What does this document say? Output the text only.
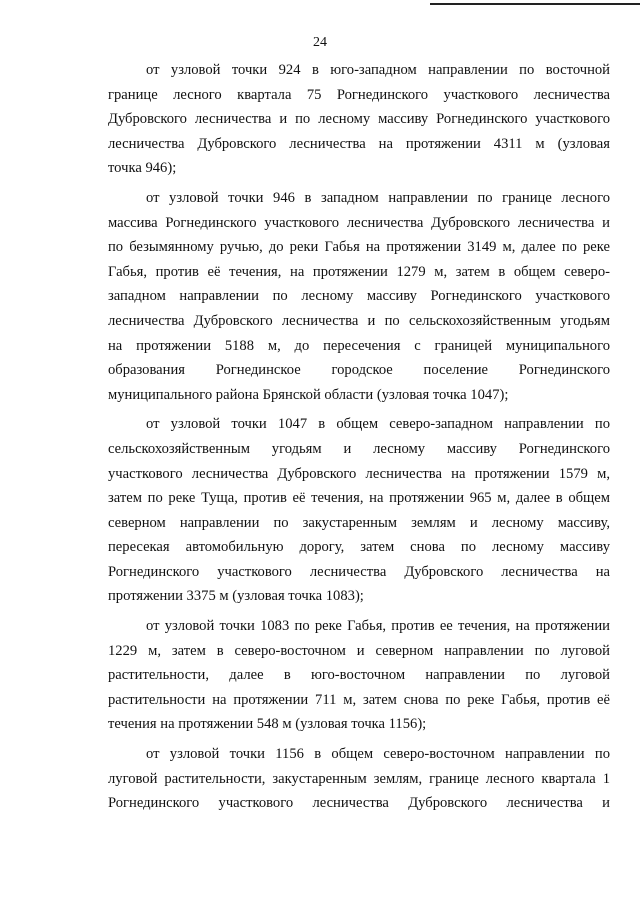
24
от узловой точки 924 в юго-западном направлении по восточной
границе лесного квартала 75 Рогнединского участкового лесничества
Дубровского лесничества и по лесному массиву Рогнединского участкового
лесничества Дубровского лесничества на протяжении 4311 м (узловая
точка 946);
от узловой точки 946 в западном направлении по границе лесного
массива Рогнединского участкового лесничества Дубровского лесничества и
по безымянному ручью, до реки Габья на протяжении 3149 м, далее по реке
Габья, против её течения, на протяжении 1279 м, затем в общем северо-
западном направлении по лесному массиву Рогнединского участкового
лесничества Дубровского лесничества и по сельскохозяйственным угодьям
на протяжении 5188 м, до пересечения с границей муниципального
образования Рогнединское городское поселение Рогнединского
муниципального района Брянской области (узловая точка 1047);
от узловой точки 1047 в общем северо-западном направлении по
сельскохозяйственным угодьям и лесному массиву Рогнединского
участкового лесничества Дубровского лесничества на протяжении 1579 м,
затем по реке Туща, против её течения, на протяжении 965 м, далее в общем
северном направлении по закустаренным землям и лесному массиву,
пересекая автомобильную дорогу, затем снова по лесному массиву
Рогнединского участкового лесничества Дубровского лесничества на
протяжении 3375 м (узловая точка 1083);
от узловой точки 1083 по реке Габья, против ее течения, на протяжении
1229 м, затем в северо-восточном и северном направлении по луговой
растительности, далее в юго-восточном направлении по луговой
растительности на протяжении 711 м, затем снова по реке Габья, против её
течения на протяжении 548 м (узловая точка 1156);
от узловой точки 1156 в общем северо-восточном направлении по
луговой растительности, закустаренным землям, границе лесного квартала 1
Рогнединского участкового лесничества Дубровского лесничества и
